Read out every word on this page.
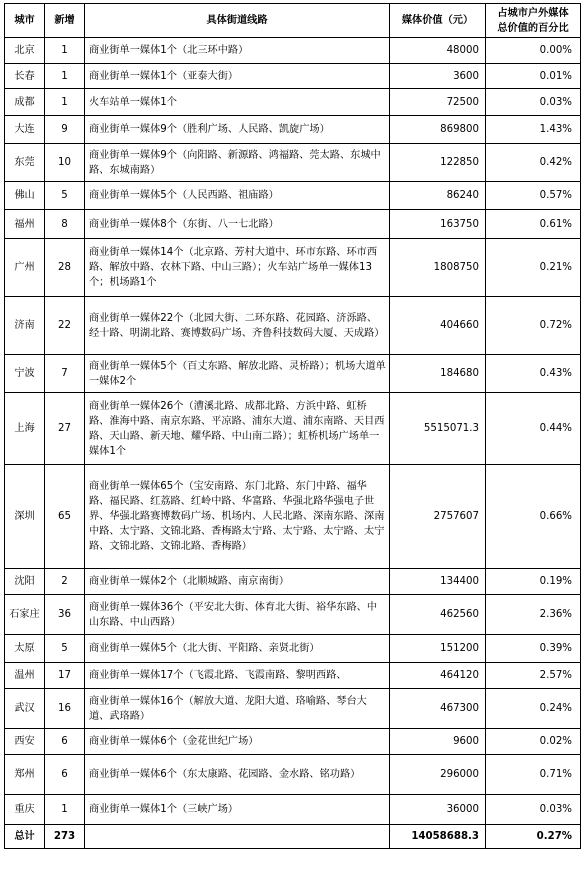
城市	新增	具体街道线路	媒体价值（元）	占城市户外媒体
总价值的百分比

北京	1	商业街单一媒体1个（北三环中路）	48000	0.00%
长春	1	商业街单一媒体1个（亚泰大街）	3600	0.01%
成都	1	火车站单一媒体1个	72500	0.03%
大连	9	商业街单一媒体9个（胜利广场、人民路、凯旋广场）	869800	1.43%
东莞	10	商业街单一媒体9个（向阳路、新源路、鸿福路、莞太路、东城中路、东城南路）	122850	0.42%
佛山	5	商业街单一媒体5个（人民西路、祖庙路）	86240	0.57%
福州	8	商业街单一媒体8个（东街、八一七北路）	163750	0.61%
广州	28	商业街单一媒体14个（北京路、芳村大道中、环市东路、环市西路、解放中路、农林下路、中山三路）；火车站广场单一媒体13个；机场路1个	1808750	0.21%
济南	22	商业街单一媒体22个（北园大街、二环东路、花园路、济泺路、经十路、明湖北路、赛博数码广场、齐鲁科技数码大厦、天成路）	404660	0.72%
宁波	7	商业街单一媒体5个（百丈东路、解放北路、灵桥路）；机场大道单一媒体2个	184680	0.43%
上海	27	商业街单一媒体26个（漕溪北路、成都北路、方浜中路、虹桥路、淮海中路、南京东路、平凉路、浦东大道、浦东南路、天目西路、天山路、新天地、耀华路、中山南二路）；虹桥机场广场单一媒体1个	5515071.3	0.44%
深圳	65	商业街单一媒体65个（宝安南路、东门北路、东门中路、福华路、福民路、红荔路、红岭中路、华富路、华强北路华强电子世界、华强北路赛博数码广场、机场内、人民北路、深南东路、深南中路、太宁路、文锦北路、香梅路太宁路、太宁路、太宁路、太宁路、文锦北路、文锦北路、香梅路）	2757607	0.66%
沈阳	2	商业街单一媒体2个（北顺城路、南京南街）	134400	0.19%
石家庄	36	商业街单一媒体36个（平安北大街、体育北大街、裕华东路、中山东路、中山西路）	462560	2.36%
太原	5	商业街单一媒体5个（北大街、平阳路、亲贤北街）	151200	0.39%
温州	17	商业街单一媒体17个（飞霞北路、飞霞南路、黎明西路、	464120	2.57%
武汉	16	商业街单一媒体16个（解放大道、龙阳大道、珞喻路、琴台大道、武珞路）	467300	0.24%
西安	6	商业街单一媒体6个（金花世纪广场）	9600	0.02%
郑州	6	商业街单一媒体6个（东太康路、花园路、金水路、铭功路）	296000	0.71%
重庆	1	商业街单一媒体1个（三峡广场）	36000	0.03%
总计	273		14058688.3	0.27%
